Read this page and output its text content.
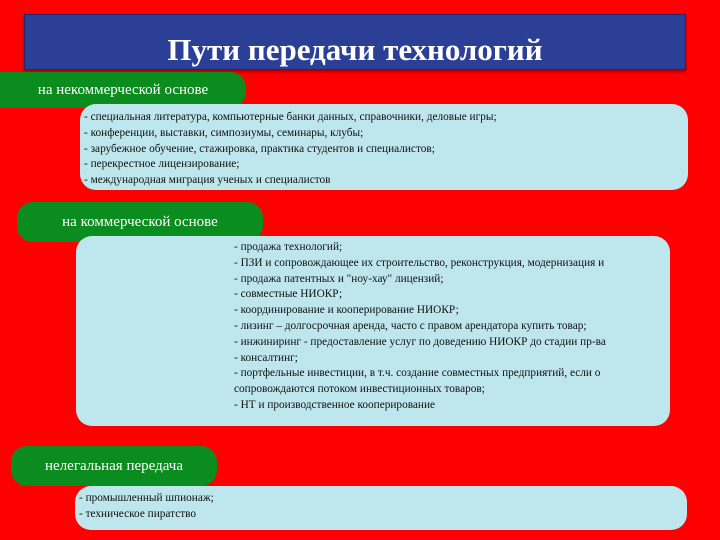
Пути передачи технологий
на некоммерческой основе
- специальная литература, компьютерные банки данных, справочники, деловые игры;
- конференции, выставки, симпозиумы, семинары, клубы;
- зарубежное обучение, стажировка, практика студентов и специалистов;
- перекрестное лицензирование;
- международная миграция ученых и специалистов
на коммерческой основе
- продажа технологий;
- ПЗИ и сопровождающее их строительство, реконструкция, модернизация и
- продажа патентных и "ноу-хау" лицензий;
- совместные НИОКР;
- координирование и кооперирование НИОКР;
- лизинг – долгосрочная аренда, часто с правом арендатора купить товар;
- инжиниринг - предоставление услуг по доведению НИОКР до стадии пр-ва
- консалтинг;
- портфельные инвестиции, в т.ч. создание совместных предприятий, если о
сопровождаются потоком инвестиционных товаров;
- НТ и производственное кооперирование
нелегальная передача
- промышленный шпионаж;
- техническое пиратство
